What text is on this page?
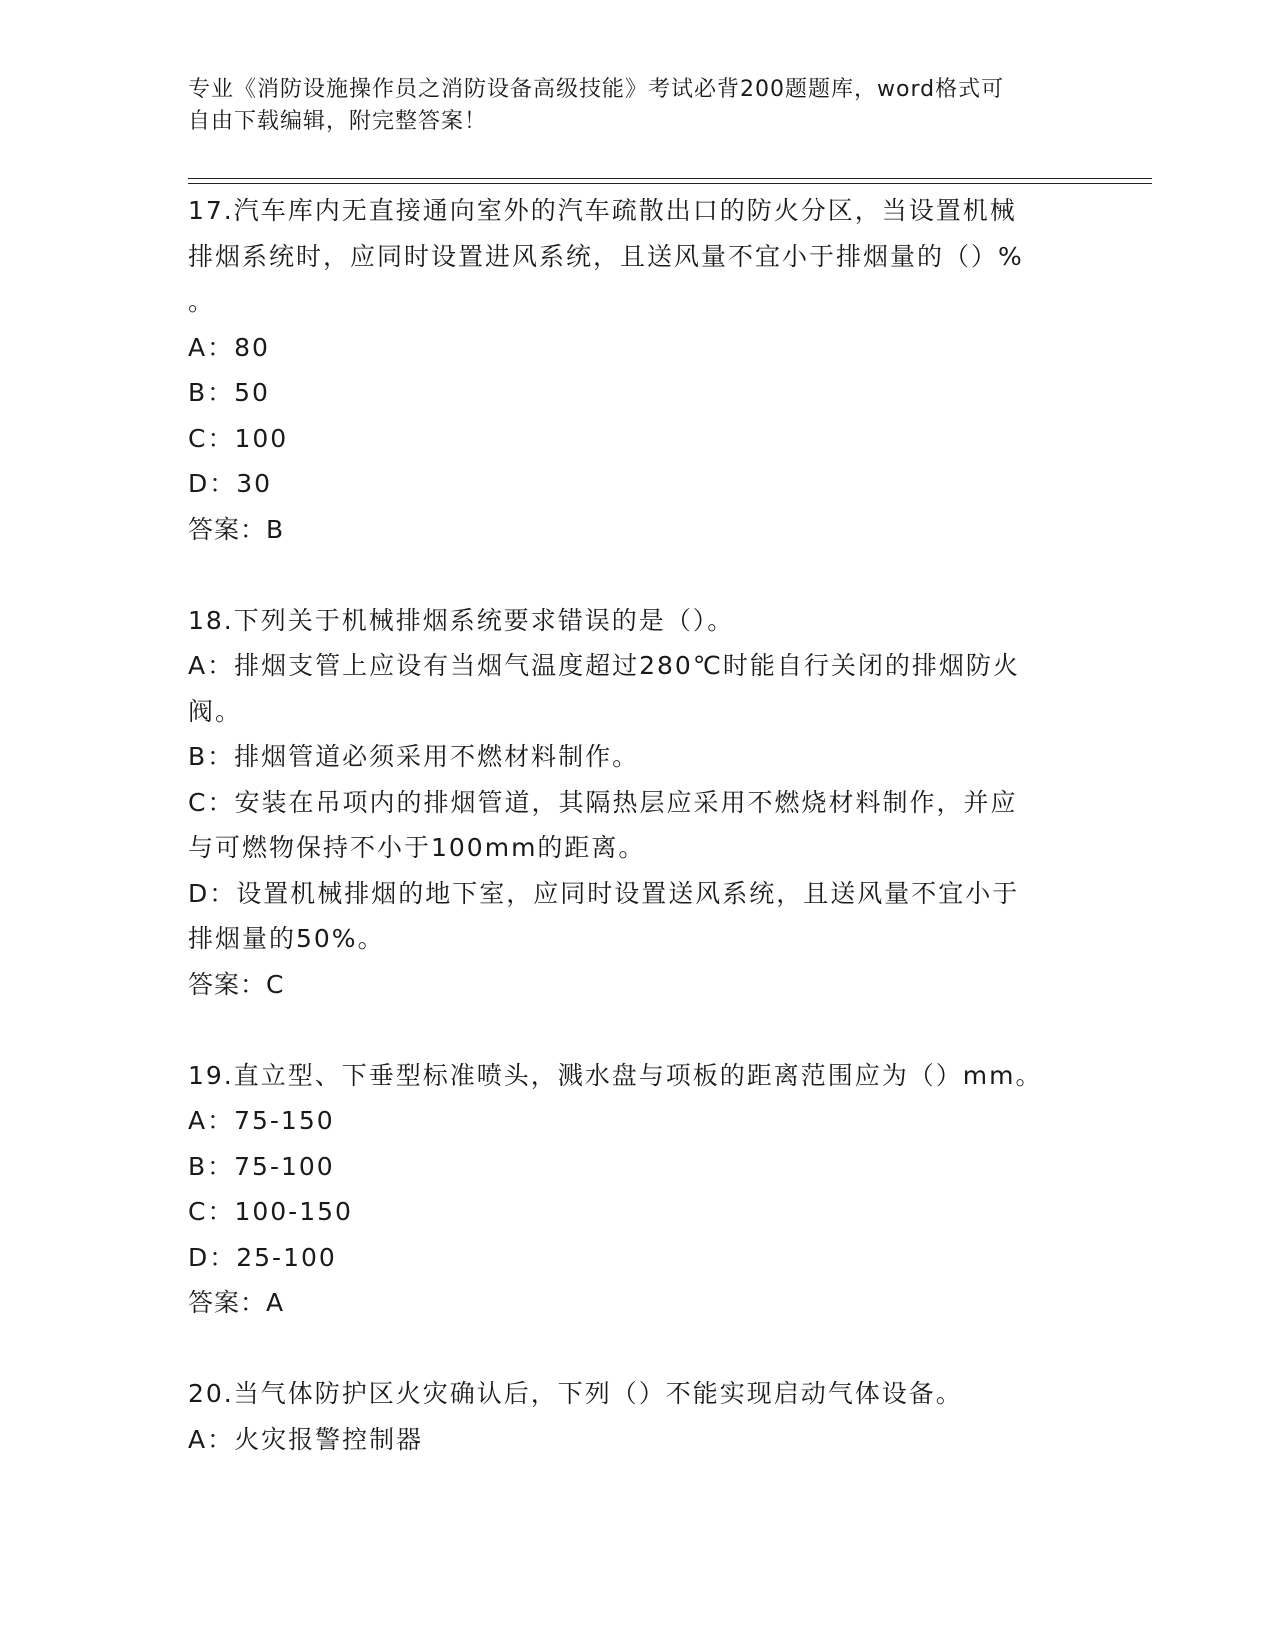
专业《消防设施操作员之消防设备高级技能》考试必背200题题库，word格式可
自由下载编辑，附完整答案！
17.汽车库内无直接通向室外的汽车疏散出口的防火分区，当设置机械
排烟系统时，应同时设置进风系统，且送风量不宜小于排烟量的（）%
。
A：80
B：50
C：100
D：30
答案：B
18.下列关于机械排烟系统要求错误的是（）。
A：排烟支管上应设有当烟气温度超过280℃时能自行关闭的排烟防火
阀。
B：排烟管道必须采用不燃材料制作。
C：安装在吊项内的排烟管道，其隔热层应采用不燃烧材料制作，并应
与可燃物保持不小于100mm的距离。
D：设置机械排烟的地下室，应同时设置送风系统，且送风量不宜小于
排烟量的50%。
答案：C
19.直立型、下垂型标准喷头，溅水盘与项板的距离范围应为（）mm。
A：75-150
B：75-100
C：100-150
D：25-100
答案：A
20.当气体防护区火灾确认后，下列（）不能实现启动气体设备。
A：火灾报警控制器
